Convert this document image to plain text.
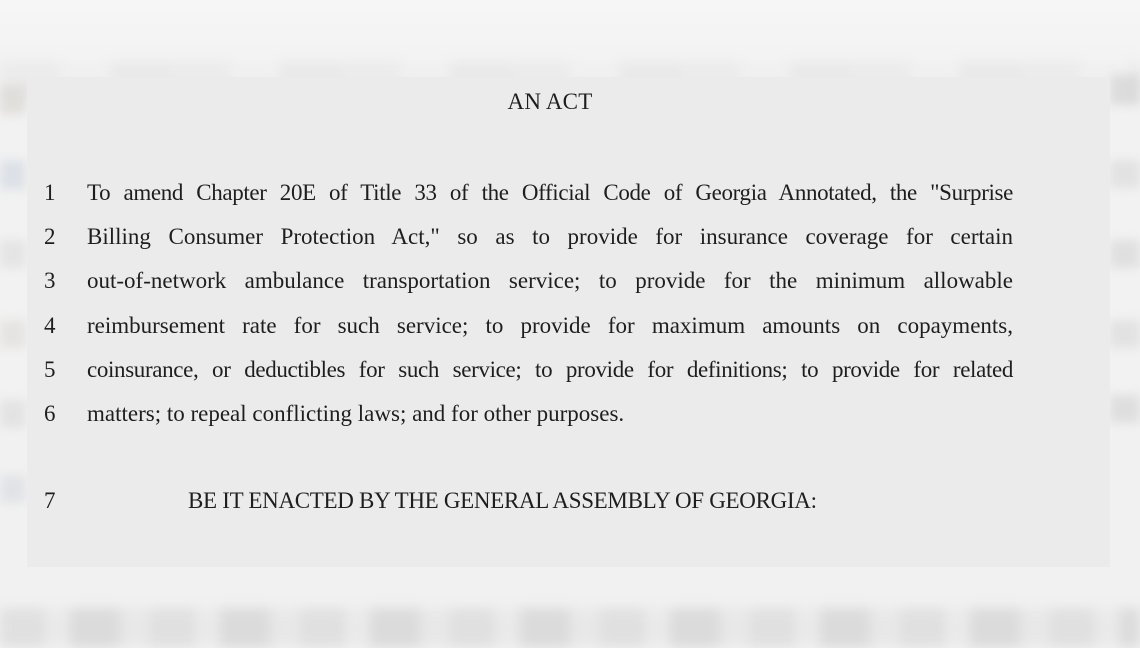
AN ACT
1	To amend Chapter 20E of Title 33 of the Official Code of Georgia Annotated, the "Surprise
2	Billing Consumer Protection Act," so as to provide for insurance coverage for certain
3	out-of-network ambulance transportation service; to provide for the minimum allowable
4	reimbursement rate for such service; to provide for maximum amounts on copayments,
5	coinsurance, or deductibles for such service; to provide for definitions; to provide for related
6	matters; to repeal conflicting laws; and for other purposes.
7	BE IT ENACTED BY THE GENERAL ASSEMBLY OF GEORGIA:
